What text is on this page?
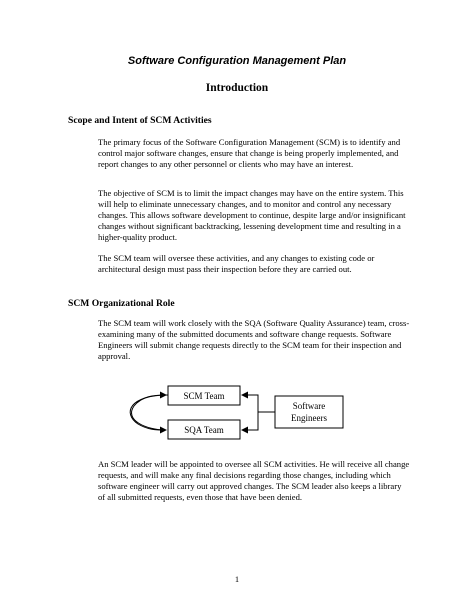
Software Configuration Management Plan
Introduction
Scope and Intent of SCM Activities

The primary focus of the Software Configuration Management (SCM) is to identify and control major software changes, ensure that change is being properly implemented, and report changes to any other personnel or clients who may have an interest.

The objective of SCM is to limit the impact changes may have on the entire system. This will help to eliminate unnecessary changes, and to monitor and control any necessary changes. This allows software development to continue, despite large and/or insignificant changes without significant backtracking, lessening development time and resulting in a higher-quality product.

The SCM team will oversee these activities, and any changes to existing code or architectural design must pass their inspection before they are carried out.

SCM Organizational Role

The SCM team will work closely with the SQA (Software Quality Assurance) team, cross-examining many of the submitted documents and software change requests. Software Engineers will submit change requests directly to the SCM team for their inspection and approval.

SCM Team
SQA Team
Software
Engineers

An SCM leader will be appointed to oversee all SCM activities. He will receive all change requests, and will make any final decisions regarding those changes, including which software engineer will carry out approved changes. The SCM leader also keeps a library of all submitted requests, even those that have been denied.

1
